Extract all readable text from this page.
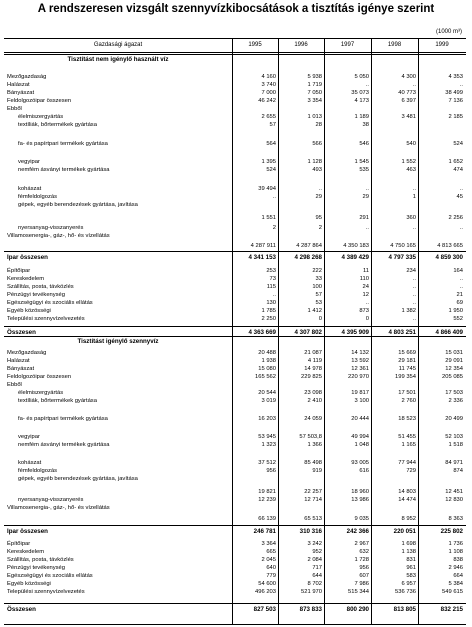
A rendszeresen vizsgált szennyvízkibocsátások a tisztítás igénye szerint
(1000 m³)
Gazdasági ágazat	1995	1996	1997	1998	1999
Tisztítást nem igénylő használt víz
Mezőgazdaság	4 160	5 938	5 050	4 300	4 353
Halászat	3 740	1 719	..	..	..
Bányászat	7 000	7 050	35 073	40 773	38 499
Feldolgozóipar összesen	46 242	3 354	4 173	6 397	7 136
Ebből
élelmiszergyártás	2 655	1 013	1 189	3 481	2 185
textíliák, bőrtermékek gyártása	57	28	38
fa- és papírtpari termékek gyártása	564	566	546	540	524
vegyipar	1 395	1 128	1 545	1 552	1 652
nemfém ásványi termékek gyártása	524	493	535	463	474
kohászat	39 494	..	..	..	..
fémfeldolgozás	..	29	29	1	45
gépek, egyéb berendezések gyártása, javítása
1 551	95	291	360	2 256
nyersanyag-visszanyerés	2	2	..	..	..
Villamosenergia-, gáz-, hő- és vízellátás
4 287 911	4 287 864	4 350 183	4 750 165	4 813 665
Ipar összesen	4 341 153	4 298 268	4 389 429	4 797 335	4 859 300
Építőipar	253	222	11	234	164
Kereskedelem	73	33	110	..	..
Szállítás, posta, távközlés	115	100	24	..	..
Pénzügyi tevékenység	..	57	12	..	21
Egészségügyi és szociális ellátás	130	53	..	..	69
Egyéb közösségi	1 785	1 412	873	1 382	1 950
Települési szennyvízelvezetés	2 250	0	0	..	552
Összesen	4 363 669	4 307 802	4 395 909	4 803 251	4 866 409
Tisztítást igénylő szennyvíz
Mezőgazdaság	20 488	21 087	14 132	15 669	15 031
Halászat	1 938	4 119	13 592	29 181	29 091
Bányászat	15 080	14 978	12 361	11 745	12 354
Feldolgozóipar összesen	165 562	229 825	220 970	199 354	205 085
Ebből
élelmiszergyártás	20 544	23 098	19 817	17 501	17 503
textíliák, bőrtermékek gyártása	3 019	2 410	3 100	2 760	2 336
fa- és papírtpari termékek gyártása	16 203	24 059	20 444	18 523	20 499
vegyipar	53 945	57 503,8	49 994	51 455	52 103
nemfém ásványi termékek gyártása	1 323	1 366	1 048	1 165	1 518
kohászat	37 512	85 498	93 005	77 944	84 971
fémfeldolgozás	956	919	616	729	874
gépek, egyéb berendezések gyártása, javítása
19 821	22 257	18 960	14 803	12 451
nyersanyag-visszanyerés	12 239	12 714	13 986	14 474	12 830
Villamosenergia-, gáz-, hő- és vízellátás
66 139	65 513	9 035	8 952	8 363
Ipar összesen	246 781	310 316	242 366	220 051	225 802
Építőipar	3 364	3 242	2 967	1 698	1 736
Kereskedelem	665	952	632	1 138	1 108
Szállítás, posta, távközlés	2 045	2 084	1 728	831	838
Pénzügyi tevékenység	640	717	956	961	2 946
Egészségügyi és szociális ellátás	779	644	607	583	664
Egyéb közösségi	54 600	8 702	7 986	6 957	5 384
Települési szennyvízelvezetés	496 203	521 970	515 344	536 736	549 615
Összesen	827 503	873 833	800 290	813 805	832 215
